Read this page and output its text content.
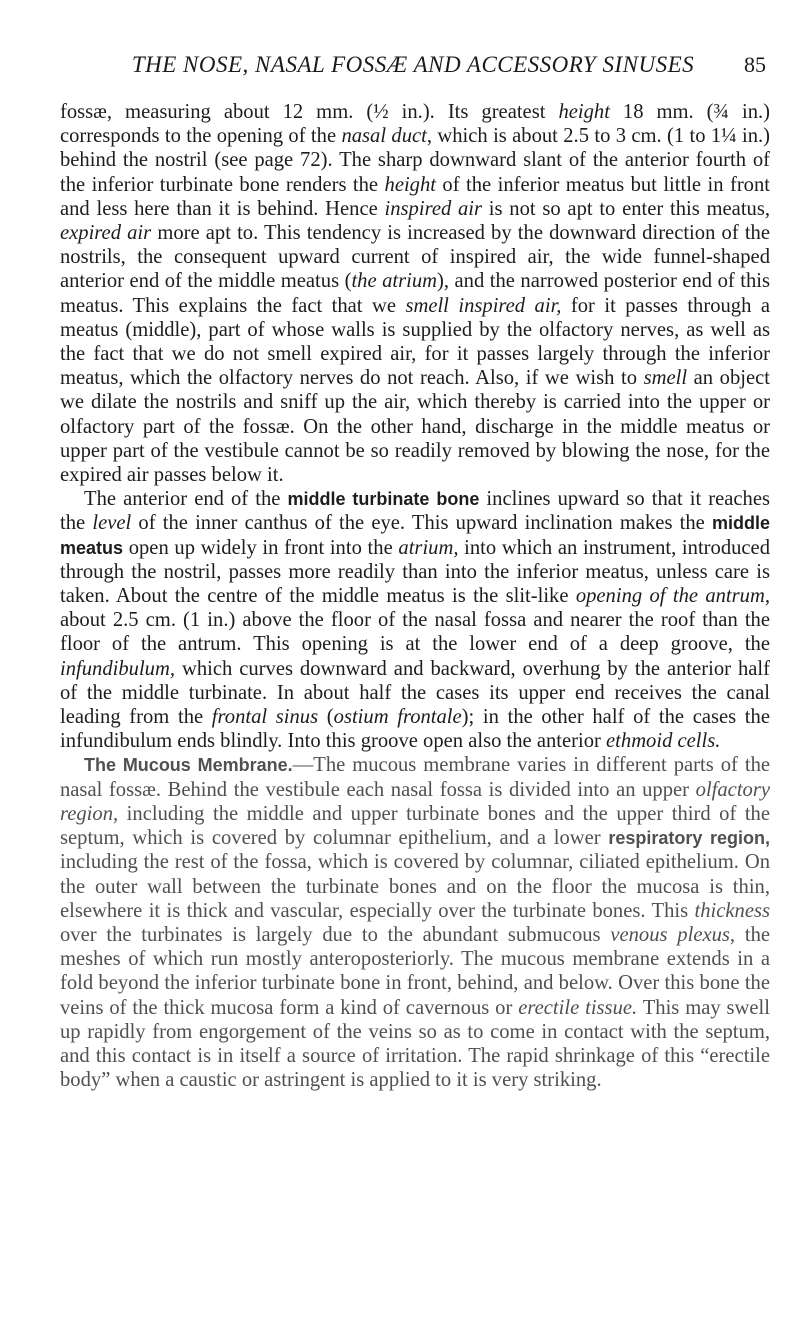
THE NOSE, NASAL FOSSÆ AND ACCESSORY SINUSES 85

fossæ, measuring about 12 mm. (½ in.). Its greatest height 18 mm. (¾ in.) corresponds to the opening of the nasal duct, which is about 2.5 to 3 cm. (1 to 1¼ in.) behind the nostril (see page 72). The sharp downward slant of the anterior fourth of the inferior turbinate bone renders the height of the inferior meatus but little in front and less here than it is behind. Hence inspired air is not so apt to enter this meatus, expired air more apt to. This tendency is increased by the downward direction of the nostrils, the consequent upward current of inspired air, the wide funnel-shaped anterior end of the middle meatus (the atrium), and the narrowed posterior end of this meatus. This explains the fact that we smell inspired air, for it passes through a meatus (middle), part of whose walls is supplied by the olfactory nerves, as well as the fact that we do not smell expired air, for it passes largely through the inferior meatus, which the olfactory nerves do not reach. Also, if we wish to smell an object we dilate the nostrils and sniff up the air, which thereby is carried into the upper or olfactory part of the fossæ. On the other hand, discharge in the middle meatus or upper part of the vestibule cannot be so readily removed by blowing the nose, for the expired air passes below it.

The anterior end of the middle turbinate bone inclines upward so that it reaches the level of the inner canthus of the eye. This upward inclination makes the middle meatus open up widely in front into the atrium, into which an instrument, introduced through the nostril, passes more readily than into the inferior meatus, unless care is taken. About the centre of the middle meatus is the slit-like opening of the antrum, about 2.5 cm. (1 in.) above the floor of the nasal fossa and nearer the roof than the floor of the antrum. This opening is at the lower end of a deep groove, the infundibulum, which curves downward and backward, overhung by the anterior half of the middle turbinate. In about half the cases its upper end receives the canal leading from the frontal sinus (ostium frontale); in the other half of the cases the infundibulum ends blindly. Into this groove open also the anterior ethmoid cells.

The Mucous Membrane.—The mucous membrane varies in different parts of the nasal fossæ. Behind the vestibule each nasal fossa is divided into an upper olfactory region, including the middle and upper turbinate bones and the upper third of the septum, which is covered by columnar epithelium, and a lower respiratory region, including the rest of the fossa, which is covered by columnar, ciliated epithelium. On the outer wall between the turbinate bones and on the floor the mucosa is thin, elsewhere it is thick and vascular, especially over the turbinate bones. This thickness over the turbinates is largely due to the abundant submucous venous plexus, the meshes of which run mostly anteroposteriorly. The mucous membrane extends in a fold beyond the inferior turbinate bone in front, behind, and below. Over this bone the veins of the thick mucosa form a kind of cavernous or erectile tissue. This may swell up rapidly from engorgement of the veins so as to come in contact with the septum, and this contact is in itself a source of irritation. The rapid shrinkage of this “erectile body” when a caustic or astringent is applied to it is very striking.
